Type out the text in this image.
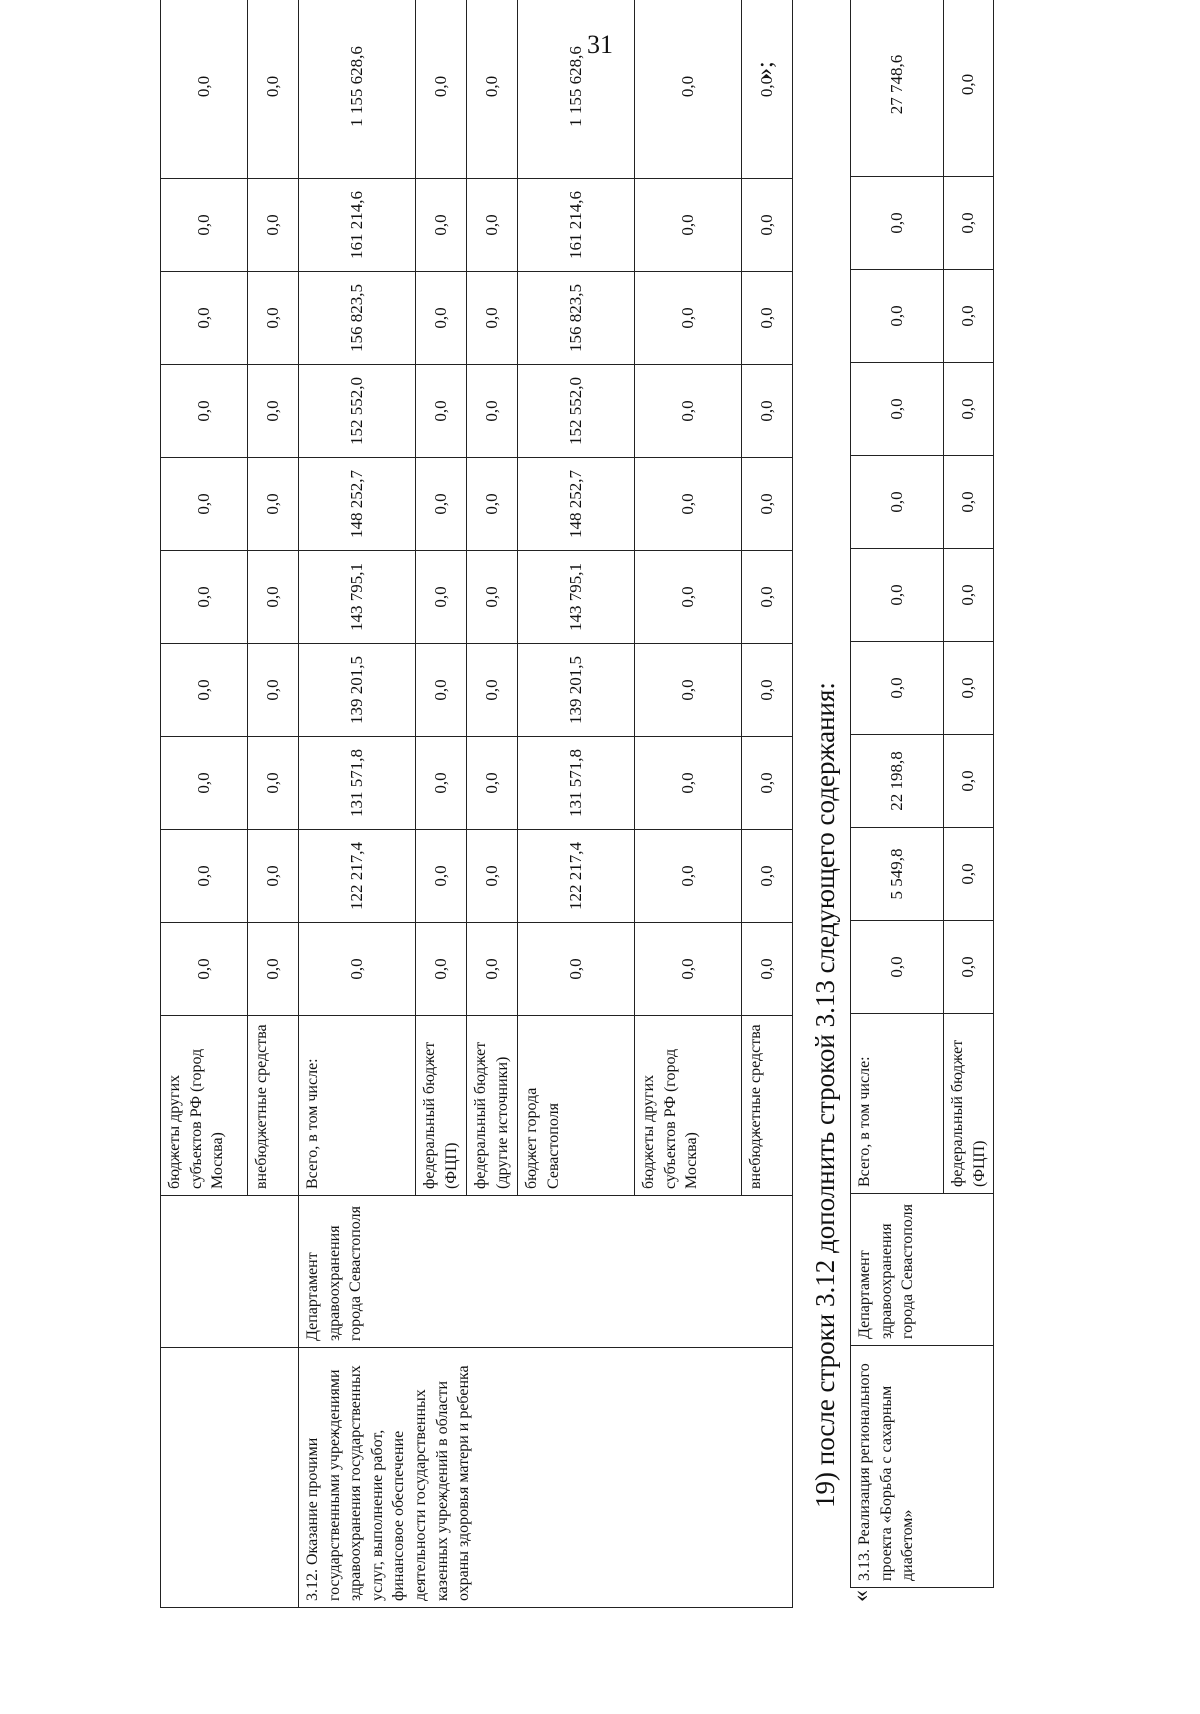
31
		бюджеты других субъектов РФ (город Москва)	0,0	0,0	0,0	0,0	0,0	0,0	0,0	0,0	0,0	0,0
		внебюджетные средства	0,0	0,0	0,0	0,0	0,0	0,0	0,0	0,0	0,0	0,0
3.12. Оказание прочими государственными учреждениями здравоохранения государственных услуг, выполнение работ, финансовое обеспечение деятельности государственных казенных учреждений в области охраны здоровья матери и ребенка	Департамент здравоохранения города Севастополя	Всего, в том числе:	0,0	122 217,4	131 571,8	139 201,5	143 795,1	148 252,7	152 552,0	156 823,5	161 214,6	1 155 628,6
		федеральный бюджет (ФЦП)	0,0	0,0	0,0	0,0	0,0	0,0	0,0	0,0	0,0	0,0
		федеральный бюджет (другие источники)	0,0	0,0	0,0	0,0	0,0	0,0	0,0	0,0	0,0	0,0
		бюджет города Севастополя	0,0	122 217,4	131 571,8	139 201,5	143 795,1	148 252,7	152 552,0	156 823,5	161 214,6	1 155 628,6
		бюджеты других субъектов РФ (город Москва)	0,0	0,0	0,0	0,0	0,0	0,0	0,0	0,0	0,0	0,0
		внебюджетные средства	0,0	0,0	0,0	0,0	0,0	0,0	0,0	0,0	0,0	0,0
»;
19) после строки 3.12 дополнить строкой 3.13 следующего содержания:
«
3.13. Реализация регионального проекта «Борьба с сахарным диабетом»	Департамент здравоохранения города Севастополя	Всего, в том числе:	0,0	5 549,8	22 198,8	0,0	0,0	0,0	0,0	0,0	0,0	27 748,6
		федеральный бюджет (ФЦП)	0,0	0,0	0,0	0,0	0,0	0,0	0,0	0,0	0,0	0,0
